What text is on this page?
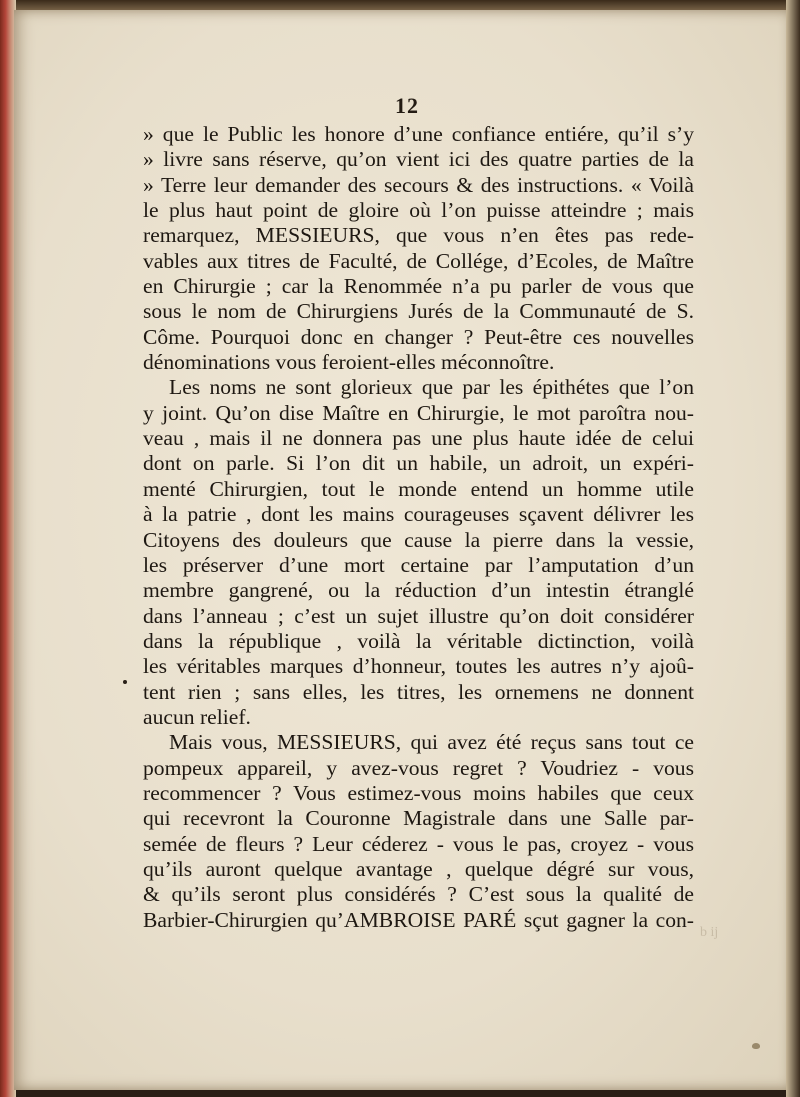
12
» que le Public les honore d’une confiance entiére, qu’il s’y
» livre sans réserve, qu’on vient ici des quatre parties de la
» Terre leur demander des secours & des instructions. « Voilà
le plus haut point de gloire où l’on puisse atteindre ; mais
remarquez, MESSIEURS, que vous n’en êtes pas rede-
vables aux titres de Faculté, de Collége, d’Ecoles, de Maître
en Chirurgie ; car la Renommée n’a pu parler de vous que
sous le nom de Chirurgiens Jurés de la Communauté de S.
Côme. Pourquoi donc en changer ? Peut-être ces nouvelles
dénominations vous feroient-elles méconnoître.
Les noms ne sont glorieux que par les épithétes que l’on
y joint. Qu’on dise Maître en Chirurgie, le mot paroîtra nou-
veau , mais il ne donnera pas une plus haute idée de celui
dont on parle. Si l’on dit un habile, un adroit, un expéri-
menté Chirurgien, tout le monde entend un homme utile
à la patrie , dont les mains courageuses sçavent délivrer les
Citoyens des douleurs que cause la pierre dans la vessie,
les préserver d’une mort certaine par l’amputation d’un
membre gangrené, ou la réduction d’un intestin étranglé
dans l’anneau ; c’est un sujet illustre qu’on doit considérer
dans la république , voilà la véritable dictinction, voilà
les véritables marques d’honneur, toutes les autres n’y ajoû-
tent rien ; sans elles, les titres, les ornemens ne donnent
aucun relief.
Mais vous, MESSIEURS, qui avez été reçus sans tout ce
pompeux appareil, y avez-vous regret ? Voudriez - vous
recommencer ? Vous estimez-vous moins habiles que ceux
qui recevront la Couronne Magistrale dans une Salle par-
semée de fleurs ? Leur céderez - vous le pas, croyez - vous
qu’ils auront quelque avantage , quelque dégré sur vous,
& qu’ils seront plus considérés ? C’est sous la qualité de
Barbier-Chirurgien qu’AMBROISE PARÉ sçut gagner la con-
b ij
